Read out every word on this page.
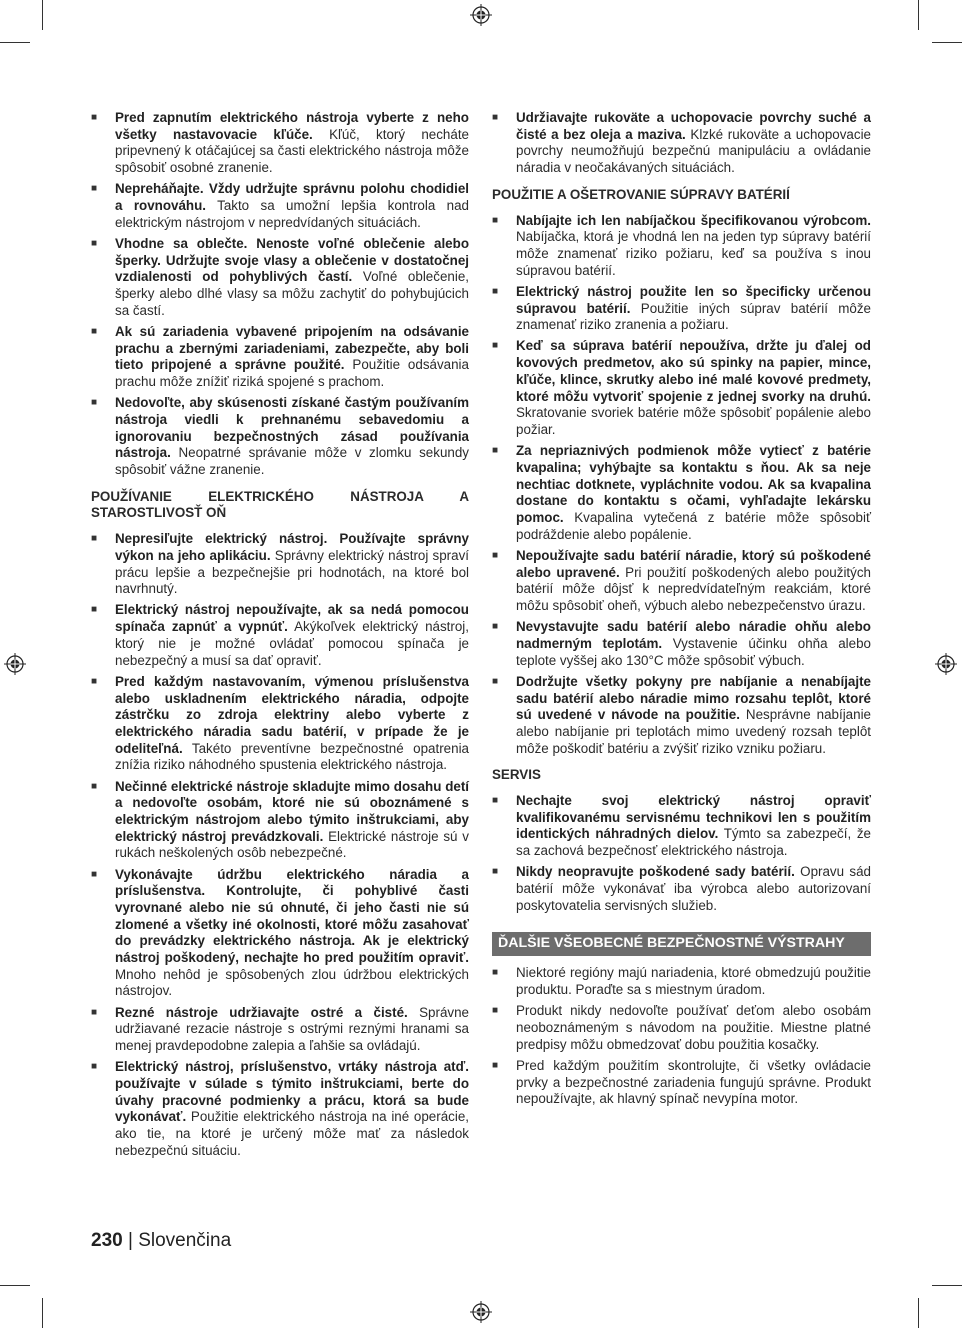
■ Pred zapnutím elektrického nástroja vyberte z neho všetky nastavovacie kľúče. Kľúč, ktorý necháte pripevnený k otáčajúcej sa časti elektrického nástroja môže spôsobiť osobné zranenie.
■ Nepreháňajte. Vždy udržujte správnu polohu chodidiel a rovnováhu. Takto sa umožní lepšia kontrola nad elektrickým nástrojom v nepredvídaných situáciách.
■ Vhodne sa oblečte. Nenoste voľné oblečenie alebo šperky. Udržujte svoje vlasy a oblečenie v dostatočnej vzdialenosti od pohyblivých častí. Voľné oblečenie, šperky alebo dlhé vlasy sa môžu zachytiť do pohybujúcich sa častí.
■ Ak sú zariadenia vybavené pripojením na odsávanie prachu a zbernými zariadeniami, zabezpečte, aby boli tieto pripojené a správne použité. Použitie odsávania prachu môže znížiť riziká spojené s prachom.
■ Nedovoľte, aby skúsenosti získané častým používaním nástroja viedli k prehnanému sebavedomiu a ignorovaniu bezpečnostných zásad používania nástroja. Neopatrné správanie môže v zlomku sekundy spôsobiť vážne zranenie.
POUŽÍVANIE ELEKTRICKÉHO NÁSTROJA A STAROSTLIVOSŤ OŇ
■ Nepresiľujte elektrický nástroj. Používajte správny výkon na jeho aplikáciu. Správny elektrický nástroj spraví prácu lepšie a bezpečnejšie pri hodnotách, na ktoré bol navrhnutý.
■ Elektrický nástroj nepoužívajte, ak sa nedá pomocou spínača zapnúť a vypnúť. Akýkoľvek elektrický nástroj, ktorý nie je možné ovládať pomocou spínača je nebezpečný a musí sa dať opraviť.
■ Pred každým nastavovaním, výmenou príslušenstva alebo uskladnením elektrického náradia, odpojte zástrčku zo zdroja elektriny alebo vyberte z elektrického náradia sadu batérií, v prípade že je odeliteľná. Takéto preventívne bezpečnostné opatrenia znížia riziko náhodného spustenia elektrického nástroja.
■ Nečinné elektrické nástroje skladujte mimo dosahu detí a nedovoľte osobám, ktoré nie sú oboznámené s elektrickým nástrojom alebo týmito inštrukciami, aby elektrický nástroj prevádzkovali. Elektrické nástroje sú v rukách neškolených osôb nebezpečné.
■ Vykonávajte údržbu elektrického náradia a príslušenstva. Kontrolujte, či pohyblivé časti vyrovnané alebo nie sú ohnuté, či jeho časti nie sú zlomené a všetky iné okolnosti, ktoré môžu zasahovať do prevádzky elektrického nástroja. Ak je elektrický nástroj poškodený, nechajte ho pred použitím opraviť. Mnoho nehôd je spôsobených zlou údržbou elektrických nástrojov.
■ Rezné nástroje udržiavajte ostré a čisté. Správne udržiavané rezacie nástroje s ostrými reznými hranami sa menej pravdepodobne zalepia a ľahšie sa ovládajú.
■ Elektrický nástroj, príslušenstvo, vrtáky nástroja atď. používajte v súlade s týmito inštrukciami, berte do úvahy pracovné podmienky a prácu, ktorá sa bude vykonávať. Použitie elektrického nástroja na iné operácie, ako tie, na ktoré je určený môže mať za následok nebezpečnú situáciu.
■ Udržiavajte rukoväte a uchopovacie povrchy suché a čisté a bez oleja a maziva. Klzké rukoväte a uchopovacie povrchy neumožňujú bezpečnú manipuláciu a ovládanie náradia v neočakávaných situáciách.
POUŽITIE A OŠETROVANIE SÚPRAVY BATÉRIÍ
■ Nabíjajte ich len nabíjačkou špecifikovanou výrobcom. Nabíjačka, ktorá je vhodná len na jeden typ súpravy batérií môže znamenať riziko požiaru, keď sa používa s inou súpravou batérií.
■ Elektrický nástroj použite len so špecificky určenou súpravou batérií. Použitie iných súprav batérií môže znamenať riziko zranenia a požiaru.
■ Keď sa súprava batérií nepoužíva, držte ju ďalej od kovových predmetov, ako sú spinky na papier, mince, kľúče, klince, skrutky alebo iné malé kovové predmety, ktoré môžu vytvoriť spojenie z jednej svorky na druhú. Skratovanie svoriek batérie môže spôsobiť popálenie alebo požiar.
■ Za nepriaznivých podmienok môže vytiecť z batérie kvapalina; vyhýbajte sa kontaktu s ňou. Ak sa neje nechtiac dotknete, vypláchnite vodou. Ak sa kvapalina dostane do kontaktu s očami, vyhľadajte lekársku pomoc. Kvapalina vytečená z batérie môže spôsobiť podráždenie alebo popálenie.
■ Nepoužívajte sadu batérií náradie, ktorý sú poškodené alebo upravené. Pri použití poškodených alebo použitých batérií môže dôjsť k nepredvídateľným reakciám, ktoré môžu spôsobiť oheň, výbuch alebo nebezpečenstvo úrazu.
■ Nevystavujte sadu batérií alebo náradie ohňu alebo nadmerným teplotám. Vystavenie účinku ohňa alebo teplote vyššej ako 130°C môže spôsobiť výbuch.
■ Dodržujte všetky pokyny pre nabíjanie a nenabíjajte sadu batérií alebo náradie mimo rozsahu teplôt, ktoré sú uvedené v návode na použitie. Nesprávne nabíjanie alebo nabíjanie pri teplotách mimo uvedený rozsah teplôt môže poškodiť batériu a zvýšiť riziko vzniku požiaru.
SERVIS
■ Nechajte svoj elektrický nástroj opraviť kvalifikovanému servisnému technikovi len s použitím identických náhradných dielov. Týmto sa zabezpečí, že sa zachová bezpečnosť elektrického nástroja.
■ Nikdy neopravujte poškodené sady batérií. Opravu sád batérií môže vykonávať iba výrobca alebo autorizovaní poskytovatelia servisných služieb.
ĎALŠIE VŠEOBECNÉ BEZPEČNOSTNÉ VÝSTRAHY
■ Niektoré regióny majú nariadenia, ktoré obmedzujú použitie produktu. Poraďte sa s miestnym úradom.
■ Produkt nikdy nedovoľte používať deťom alebo osobám neoboznámeným s návodom na použitie. Miestne platné predpisy môžu obmedzovať dobu použitia kosačky.
■ Pred každým použitím skontrolujte, či všetky ovládacie prvky a bezpečnostné zariadenia fungujú správne. Produkt nepoužívajte, ak hlavný spínač nevypína motor.
230 | Slovenčina
